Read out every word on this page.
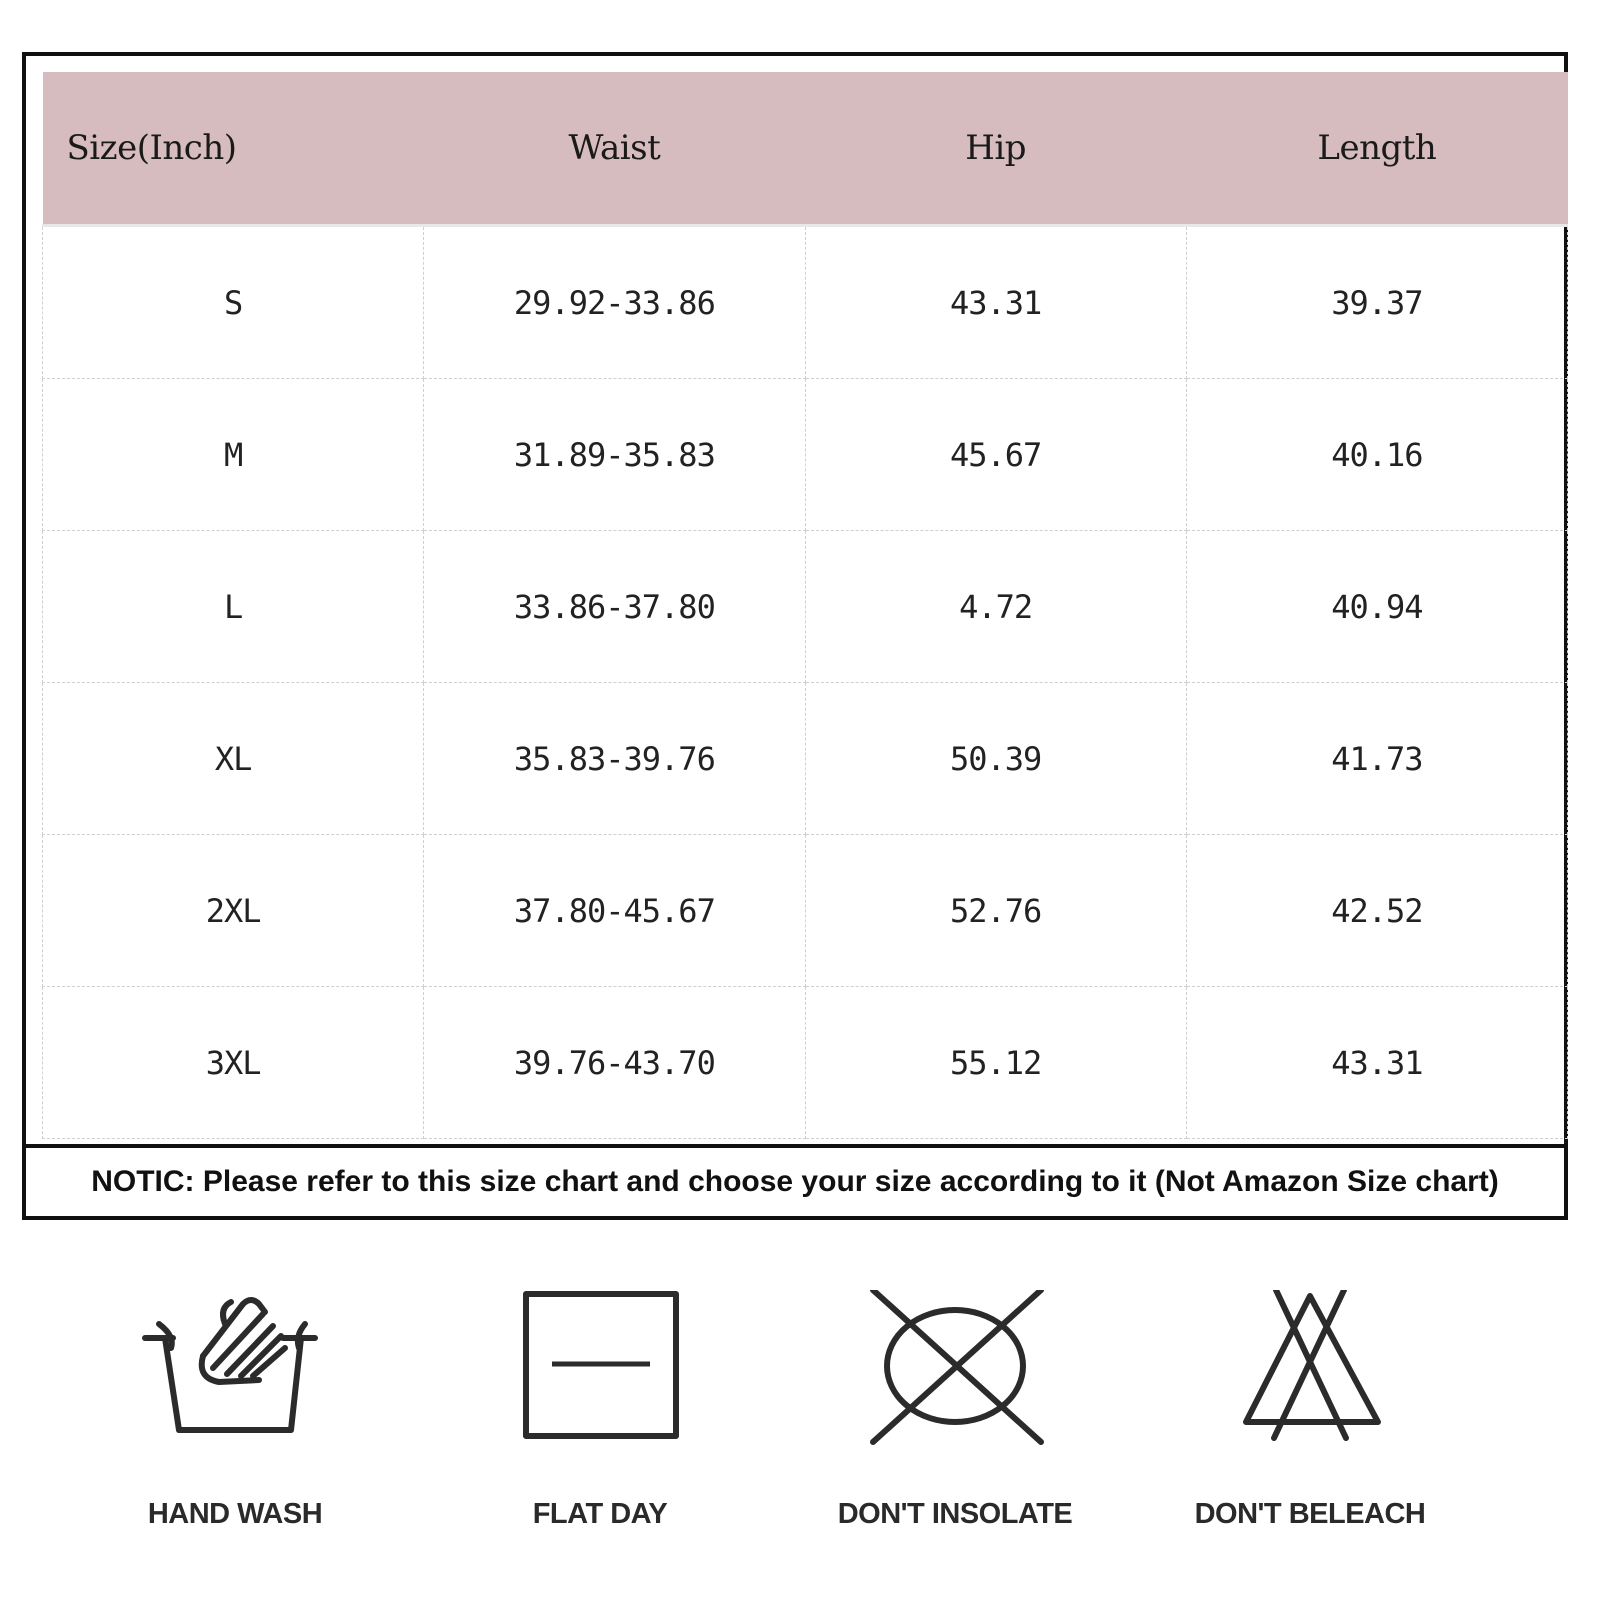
Size(Inch)	Waist	Hip	Length
S	29.92-33.86	43.31	39.37
M	31.89-35.83	45.67	40.16
L	33.86-37.80	4.72	40.94
XL	35.83-39.76	50.39	41.73
2XL	37.80-45.67	52.76	42.52
3XL	39.76-43.70	55.12	43.31
NOTIC: Please refer to this size chart and choose your size according to it (Not Amazon Size chart)
HAND WASH	FLAT DAY	DON'T INSOLATE	DON'T BELEACH
